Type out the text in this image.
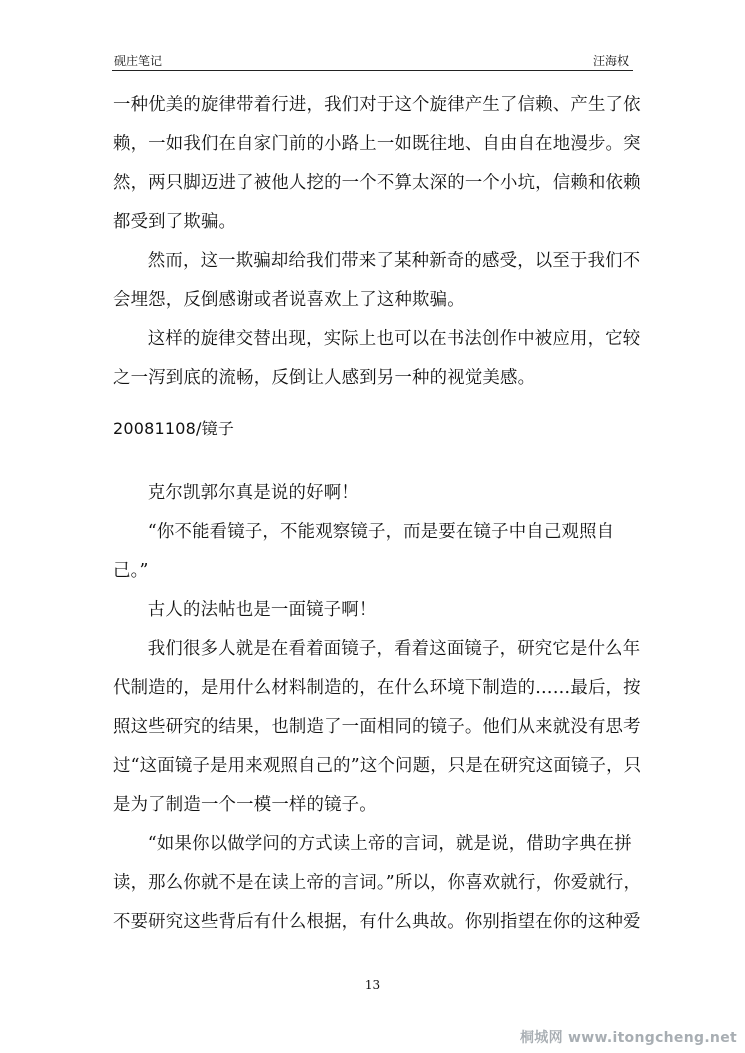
砚庄笔记	汪海权

一种优美的旋律带着行进，我们对于这个旋律产生了信赖、产生了依赖，一如我们在自家门前的小路上一如既往地、自由自在地漫步。突然，两只脚迈进了被他人挖的一个不算太深的一个小坑，信赖和依赖都受到了欺骗。

然而，这一欺骗却给我们带来了某种新奇的感受，以至于我们不会埋怨，反倒感谢或者说喜欢上了这种欺骗。

这样的旋律交替出现，实际上也可以在书法创作中被应用，它较之一泻到底的流畅，反倒让人感到另一种的视觉美感。

20081108/镜子

克尔凯郭尔真是说的好啊！

“你不能看镜子，不能观察镜子，而是要在镜子中自己观照自己。”

古人的法帖也是一面镜子啊！

我们很多人就是在看着面镜子，看着这面镜子，研究它是什么年代制造的，是用什么材料制造的，在什么环境下制造的……最后，按照这些研究的结果，也制造了一面相同的镜子。他们从来就没有思考过“这面镜子是用来观照自己的”这个问题，只是在研究这面镜子，只是为了制造一个一模一样的镜子。

“如果你以做学问的方式读上帝的言词，就是说，借助字典在拼读，那么你就不是在读上帝的言词。”所以，你喜欢就行，你爱就行，不要研究这些背后有什么根据，有什么典故。你别指望在你的这种爱

13
桐城网 www.itongcheng.net
